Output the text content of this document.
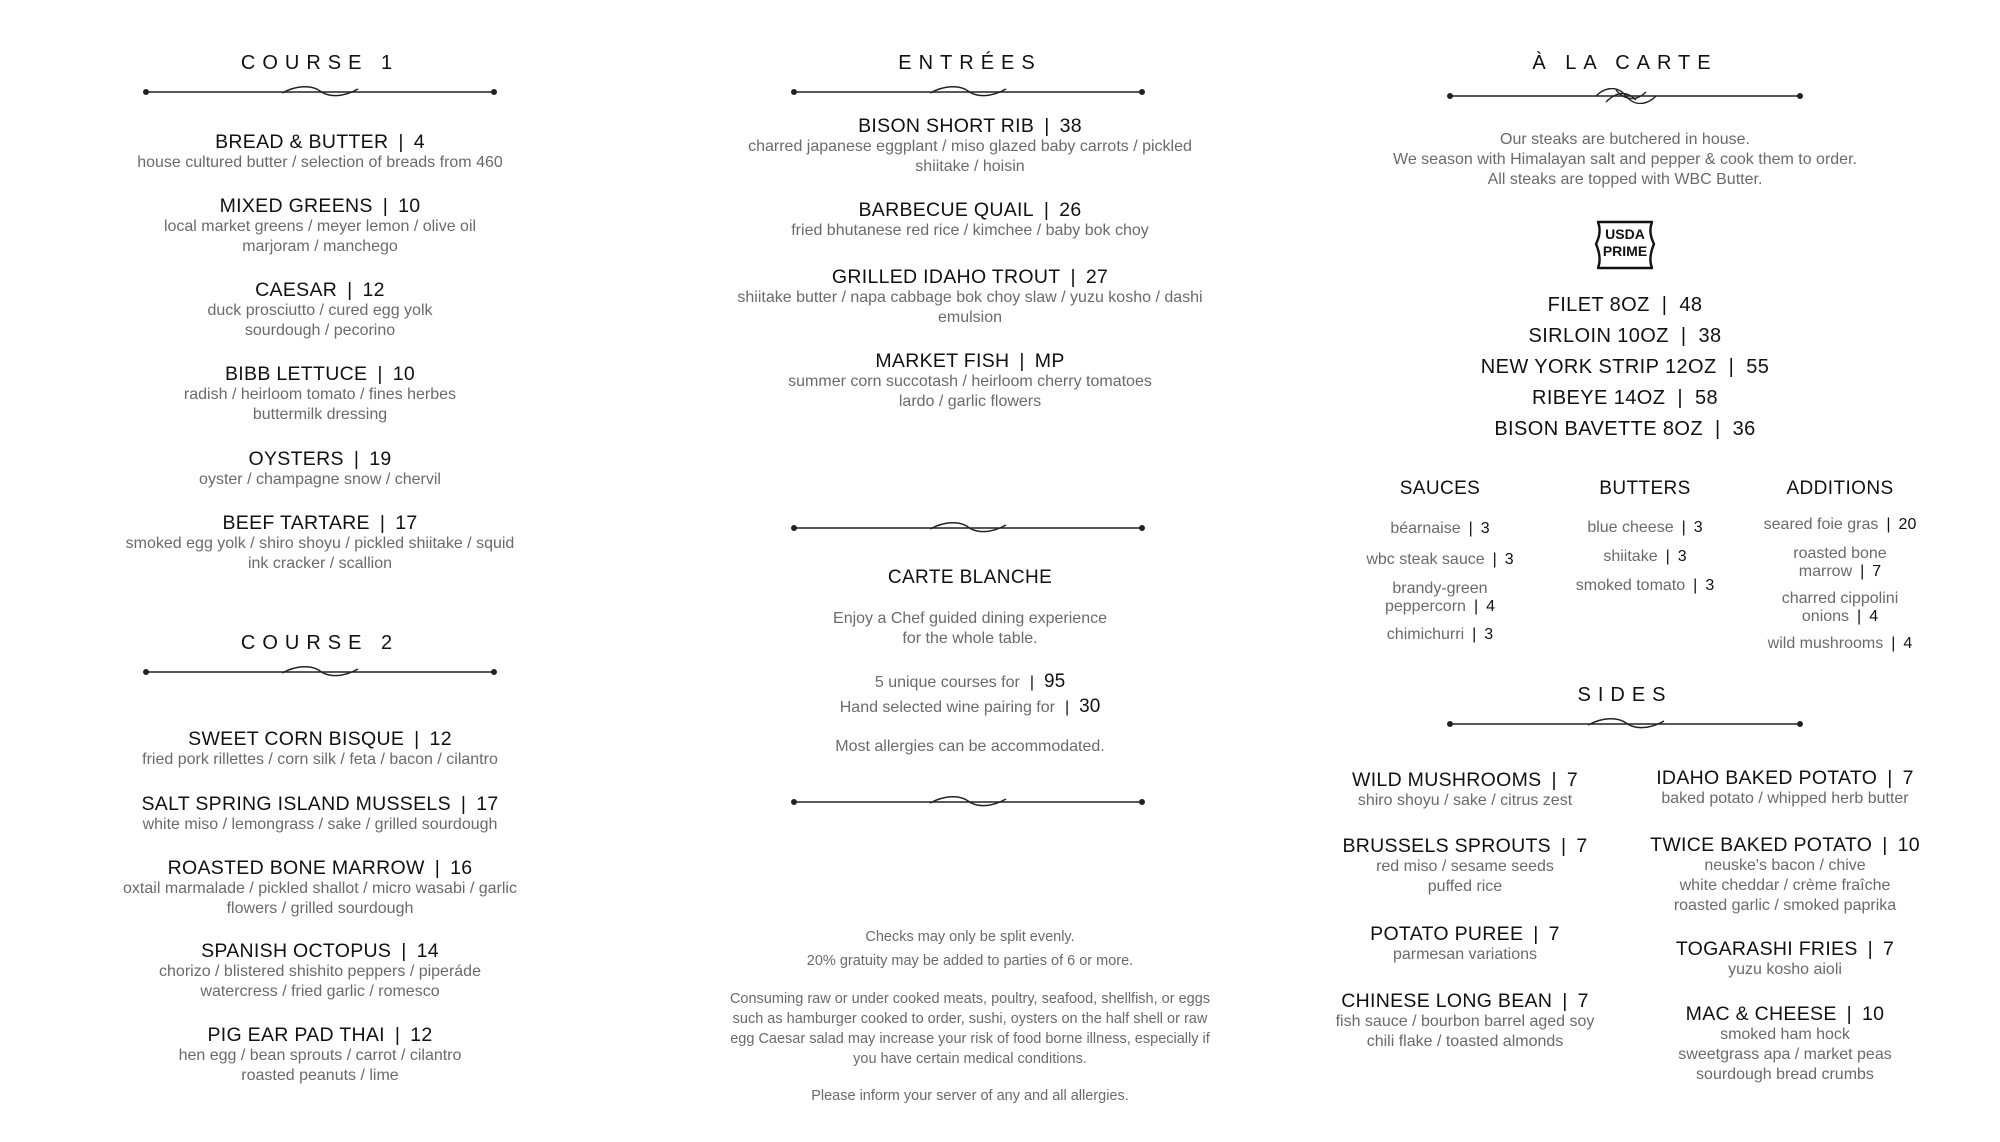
COURSE 1
BREAD & BUTTER | 4
house cultured butter / selection of breads from 460
MIXED GREENS | 10
local market greens / meyer lemon / olive oil
marjoram / manchego
CAESAR | 12
duck prosciutto / cured egg yolk
sourdough / pecorino
BIBB LETTUCE | 10
radish / heirloom tomato / fines herbes
buttermilk dressing
OYSTERS | 19
oyster / champagne snow / chervil
BEEF TARTARE | 17
smoked egg yolk / shiro shoyu / pickled shiitake / squid
ink cracker / scallion
COURSE 2
SWEET CORN BISQUE | 12
fried pork rillettes / corn silk / feta / bacon / cilantro
SALT SPRING ISLAND MUSSELS | 17
white miso / lemongrass / sake / grilled sourdough
ROASTED BONE MARROW | 16
oxtail marmalade / pickled shallot / micro wasabi / garlic
flowers / grilled sourdough
SPANISH OCTOPUS | 14
chorizo / blistered shishito peppers / piperáde
watercress / fried garlic / romesco
PIG EAR PAD THAI | 12
hen egg / bean sprouts / carrot / cilantro
roasted peanuts / lime
ENTRÉES
BISON SHORT RIB | 38
charred japanese eggplant / miso glazed baby carrots / pickled
shiitake / hoisin
BARBECUE QUAIL | 26
fried bhutanese red rice / kimchee / baby bok choy
GRILLED IDAHO TROUT | 27
shiitake butter / napa cabbage bok choy slaw / yuzu kosho / dashi
emulsion
MARKET FISH | MP
summer corn succotash / heirloom cherry tomatoes
lardo / garlic flowers
CARTE BLANCHE
Enjoy a Chef guided dining experience
for the whole table.
5 unique courses for | 95
Hand selected wine pairing for | 30
Most allergies can be accommodated.
Checks may only be split evenly.
20% gratuity may be added to parties of 6 or more.
Consuming raw or under cooked meats, poultry, seafood, shellfish, or eggs
such as hamburger cooked to order, sushi, oysters on the half shell or raw
egg Caesar salad may increase your risk of food borne illness, especially if
you have certain medical conditions.
Please inform your server of any and all allergies.
À LA CARTE
Our steaks are butchered in house.
We season with Himalayan salt and pepper & cook them to order.
All steaks are topped with WBC Butter.
USDA
PRIME
FILET 8OZ | 48
SIRLOIN 10OZ | 38
NEW YORK STRIP 12OZ | 55
RIBEYE 14OZ | 58
BISON BAVETTE 8OZ | 36
SAUCES	BUTTERS	ADDITIONS
béarnaise | 3
wbc steak sauce | 3
brandy-green
peppercorn | 4
chimichurri | 3
blue cheese | 3
shiitake | 3
smoked tomato | 3
seared foie gras | 20
roasted bone
marrow | 7
charred cippolini
onions | 4
wild mushrooms | 4
SIDES
WILD MUSHROOMS | 7
shiro shoyu / sake / citrus zest
BRUSSELS SPROUTS | 7
red miso / sesame seeds
puffed rice
POTATO PUREE | 7
parmesan variations
CHINESE LONG BEAN | 7
fish sauce / bourbon barrel aged soy
chili flake / toasted almonds
IDAHO BAKED POTATO | 7
baked potato / whipped herb butter
TWICE BAKED POTATO | 10
neuske's bacon / chive
white cheddar / crème fraîche
roasted garlic / smoked paprika
TOGARASHI FRIES | 7
yuzu kosho aioli
MAC & CHEESE | 10
smoked ham hock
sweetgrass apa / market peas
sourdough bread crumbs
